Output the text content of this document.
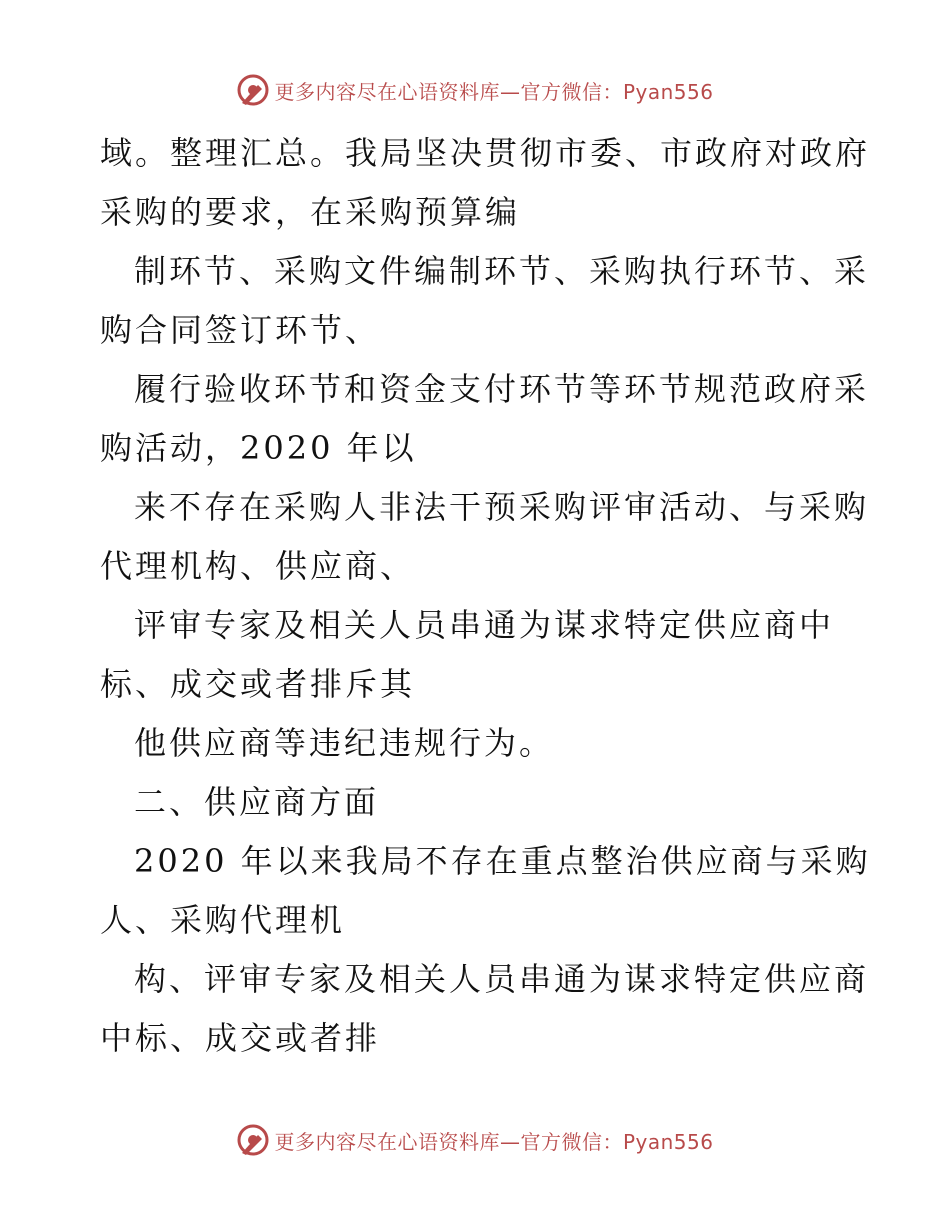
更多内容尽在心语资料库—官方微信：Pyan556
域。整理汇总。我局坚决贯彻市委、市政府对政府
采购的要求，在采购预算编
制环节、采购文件编制环节、采购执行环节、采
购合同签订环节、
履行验收环节和资金支付环节等环节规范政府采
购活动，2020 年以
来不存在采购人非法干预采购评审活动、与采购
代理机构、供应商、
评审专家及相关人员串通为谋求特定供应商中
标、成交或者排斥其
他供应商等违纪违规行为。
二、供应商方面
2020 年以来我局不存在重点整治供应商与采购
人、采购代理机
构、评审专家及相关人员串通为谋求特定供应商
中标、成交或者排
更多内容尽在心语资料库—官方微信：Pyan556
